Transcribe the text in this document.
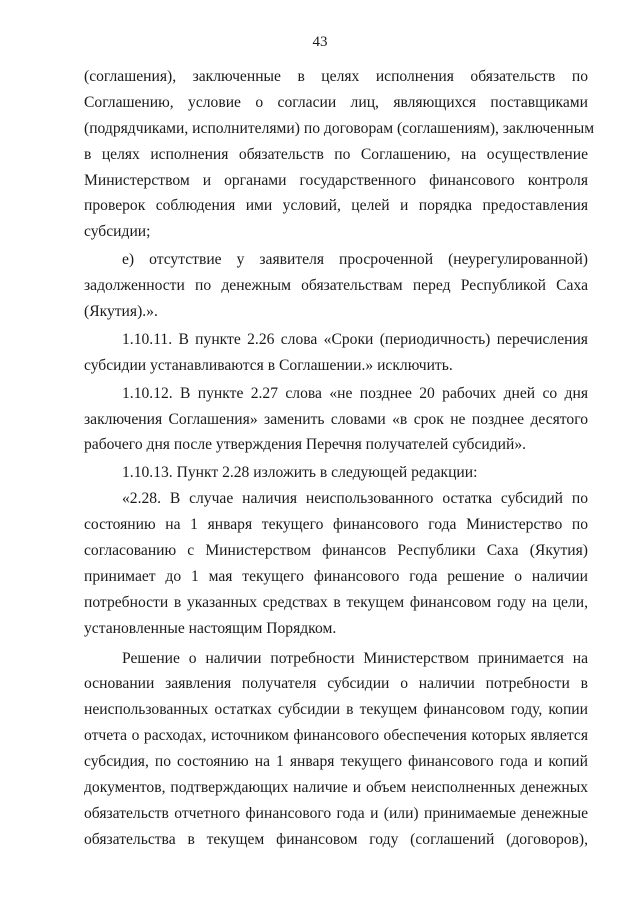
43
(соглашения), заключенные в целях исполнения обязательств по
Соглашению, условие о согласии лиц, являющихся поставщиками
(подрядчиками, исполнителями) по договорам (соглашениям), заключенным
в целях исполнения обязательств по Соглашению, на осуществление
Министерством и органами государственного финансового контроля
проверок соблюдения ими условий, целей и порядка предоставления
субсидии;
е) отсутствие у заявителя просроченной (неурегулированной)
задолженности по денежным обязательствам перед Республикой Саха
(Якутия).».
1.10.11. В пункте 2.26 слова «Сроки (периодичность) перечисления
субсидии устанавливаются в Соглашении.» исключить.
1.10.12. В пункте 2.27 слова «не позднее 20 рабочих дней со дня
заключения Соглашения» заменить словами «в срок не позднее десятого
рабочего дня после утверждения Перечня получателей субсидий».
1.10.13. Пункт 2.28 изложить в следующей редакции:
«2.28. В случае наличия неиспользованного остатка субсидий по
состоянию на 1 января текущего финансового года Министерство по
согласованию с Министерством финансов Республики Саха (Якутия)
принимает до 1 мая текущего финансового года решение о наличии
потребности в указанных средствах в текущем финансовом году на цели,
установленные настоящим Порядком.
Решение о наличии потребности Министерством принимается на
основании заявления получателя субсидии о наличии потребности в
неиспользованных остатках субсидии в текущем финансовом году, копии
отчета о расходах, источником финансового обеспечения которых является
субсидия, по состоянию на 1 января текущего финансового года и копий
документов, подтверждающих наличие и объем неисполненных денежных
обязательств отчетного финансового года и (или) принимаемые денежные
обязательства в текущем финансовом году (соглашений (договоров),
